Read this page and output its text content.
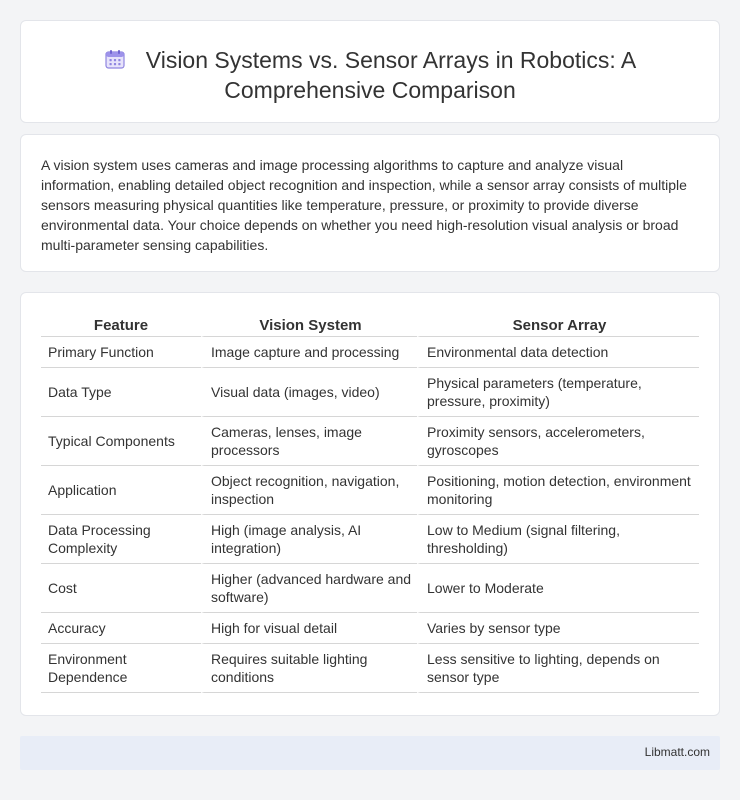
Vision Systems vs. Sensor Arrays in Robotics: A
Comprehensive Comparison

A vision system uses cameras and image processing algorithms to capture and analyze visual information, enabling detailed object recognition and inspection, while a sensor array consists of multiple sensors measuring physical quantities like temperature, pressure, or proximity to provide diverse environmental data. Your choice depends on whether you need high-resolution visual analysis or broad multi-parameter sensing capabilities.

Feature	Vision System	Sensor Array
Primary Function	Image capture and processing	Environmental data detection
Data Type	Visual data (images, video)	Physical parameters (temperature, pressure, proximity)
Typical Components	Cameras, lenses, image processors	Proximity sensors, accelerometers, gyroscopes
Application	Object recognition, navigation, inspection	Positioning, motion detection, environment monitoring
Data Processing Complexity	High (image analysis, AI integration)	Low to Medium (signal filtering, thresholding)
Cost	Higher (advanced hardware and software)	Lower to Moderate
Accuracy	High for visual detail	Varies by sensor type
Environment Dependence	Requires suitable lighting conditions	Less sensitive to lighting, depends on sensor type
Libmatt.com
